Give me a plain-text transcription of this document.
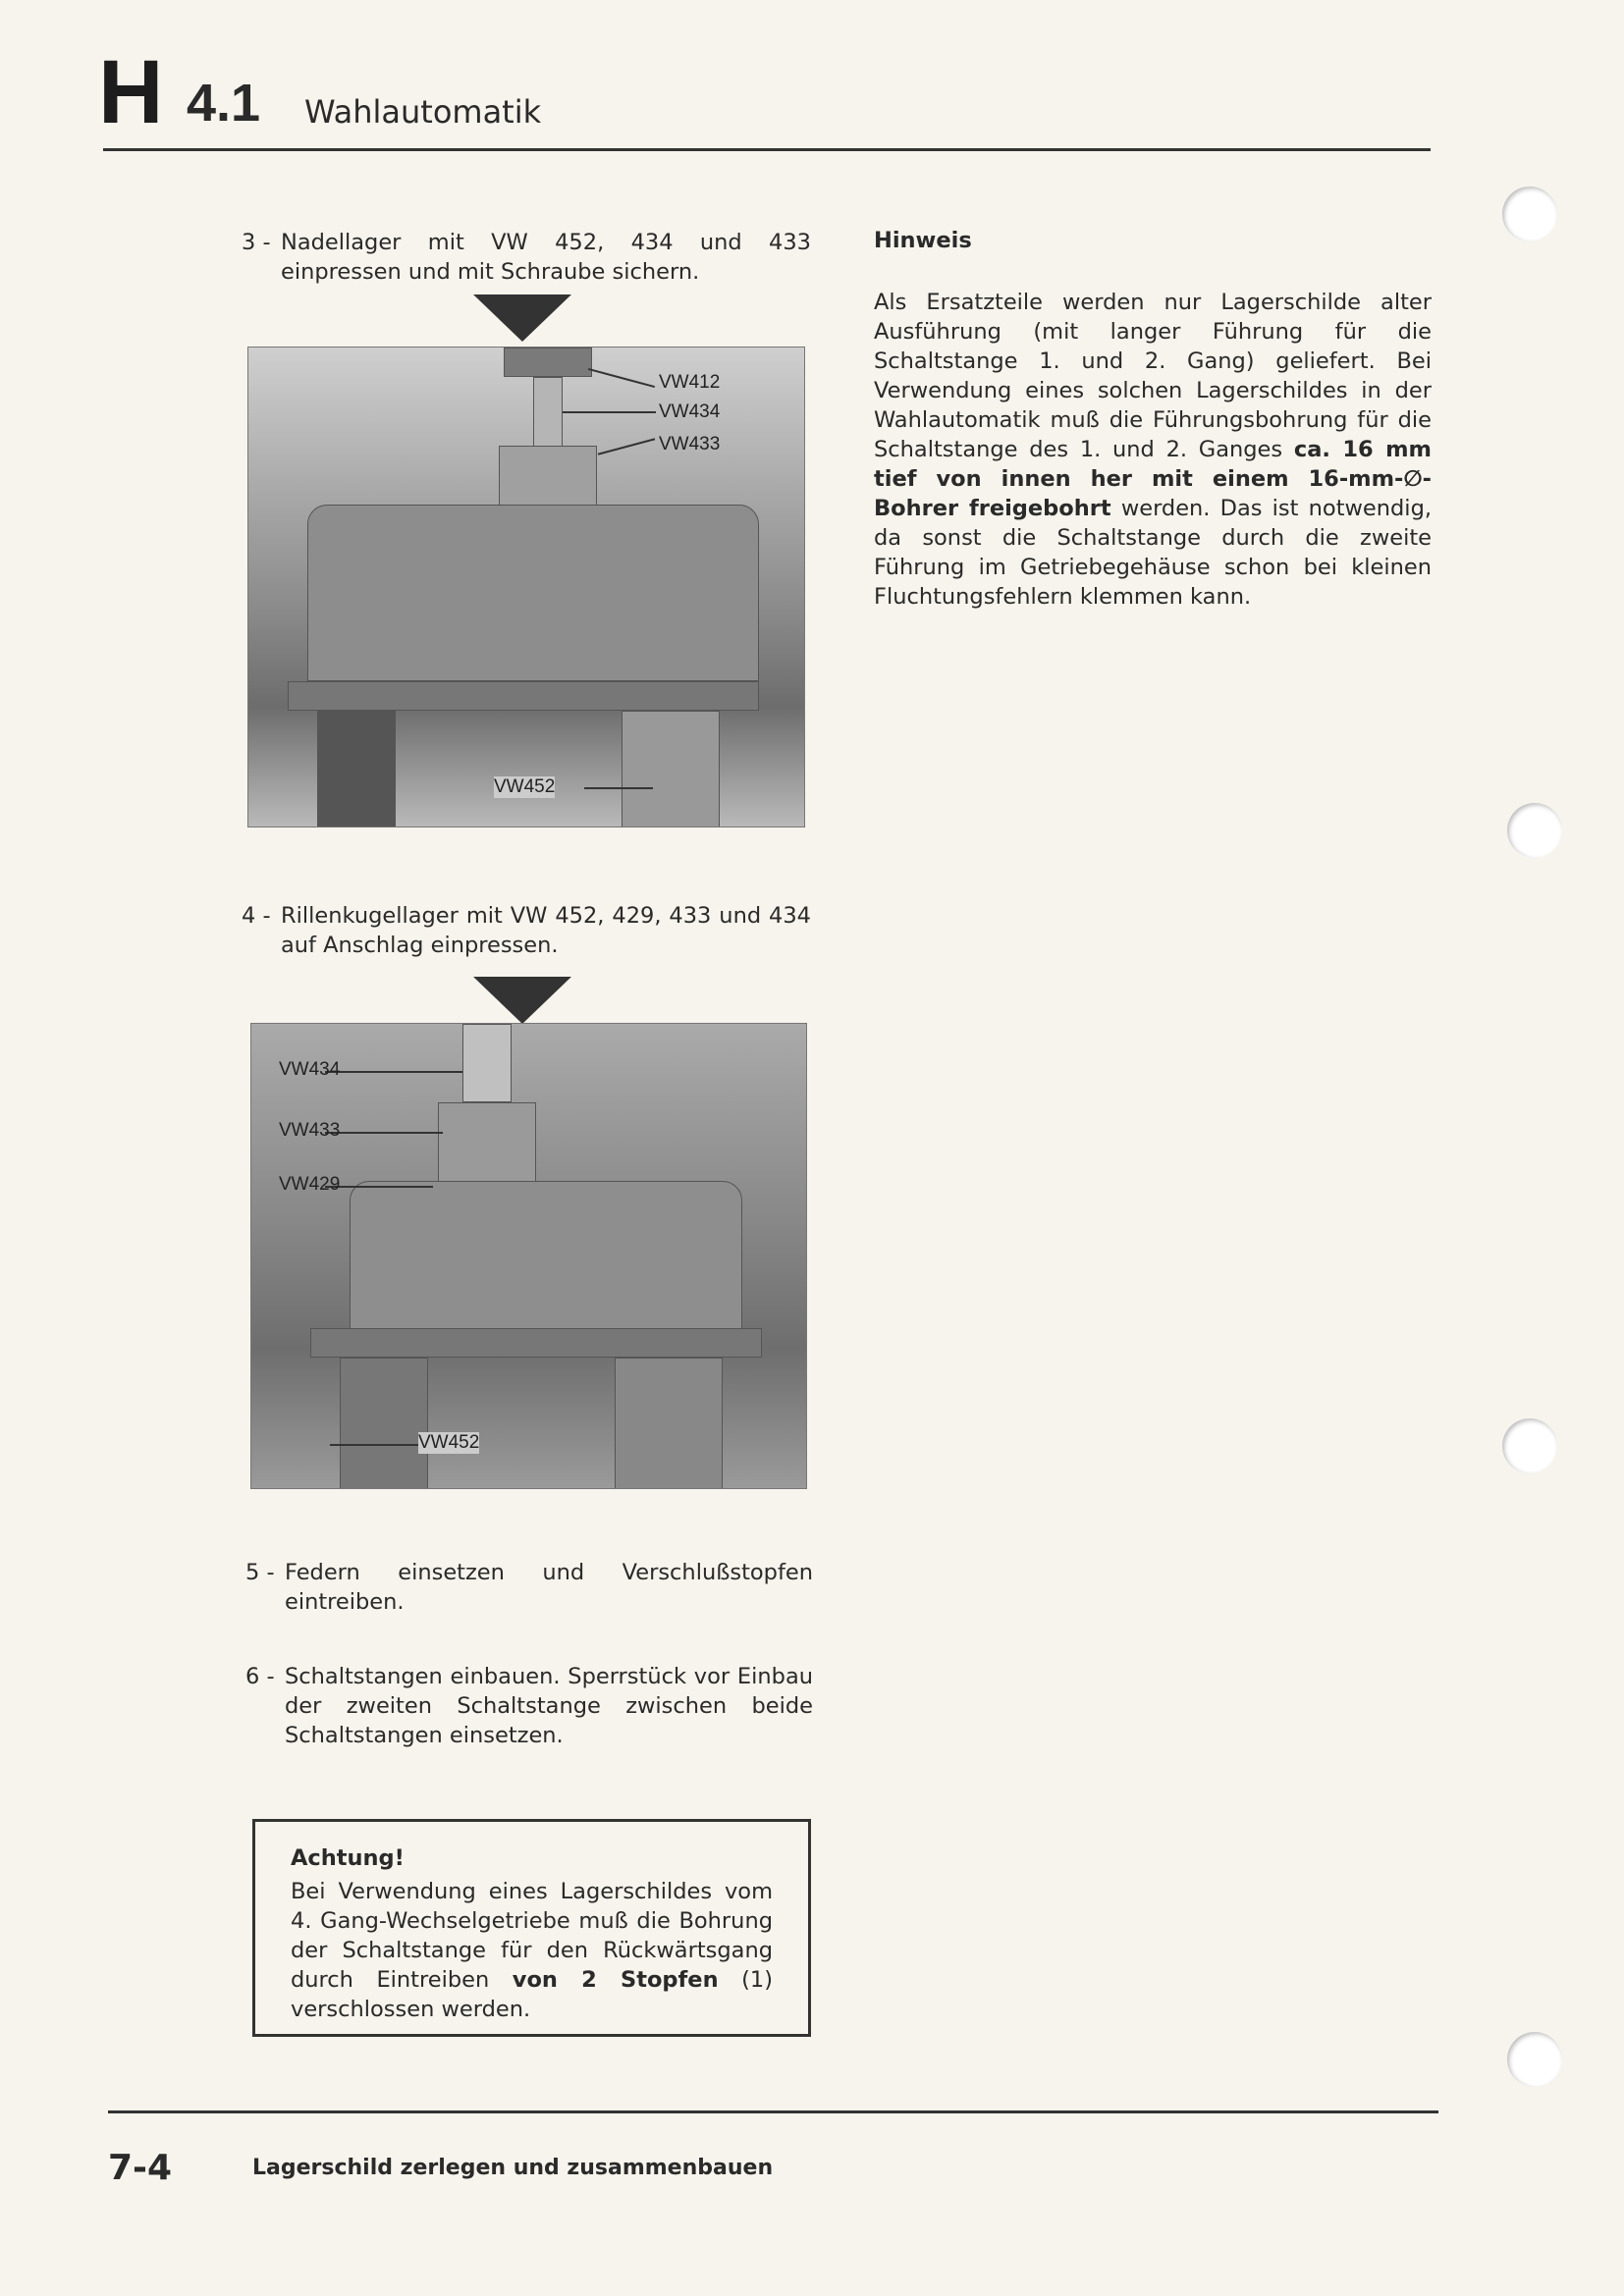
H 4.1 Wahlautomatik
3 - Nadellager mit VW 452, 434 und 433 einpressen und mit Schraube sichern.
VW412
VW434
VW433
VW452
Hinweis
Als Ersatzteile werden nur Lagerschilde alter Ausführung (mit langer Führung für die Schaltstange 1. und 2. Gang) geliefert. Bei Verwendung eines solchen Lagerschildes in der Wahlautomatik muß die Führungsbohrung für die Schaltstange des 1. und 2. Ganges ca. 16 mm tief von innen her mit einem 16-mm-∅-Bohrer freigebohrt werden. Das ist notwendig, da sonst die Schaltstange durch die zweite Führung im Getriebegehäuse schon bei kleinen Fluchtungsfehlern klemmen kann.
4 - Rillenkugellager mit VW 452, 429, 433 und 434 auf Anschlag einpressen.
VW434
VW433
VW429
VW452
5 - Federn einsetzen und Verschlußstopfen eintreiben.
6 - Schaltstangen einbauen. Sperrstück vor Einbau der zweiten Schaltstange zwischen beide Schaltstangen einsetzen.
Achtung!
Bei Verwendung eines Lagerschildes vom 4. Gang-Wechselgetriebe muß die Bohrung der Schaltstange für den Rückwärtsgang durch Eintreiben von 2 Stopfen (1) verschlossen werden.
7-4	Lagerschild zerlegen und zusammenbauen
